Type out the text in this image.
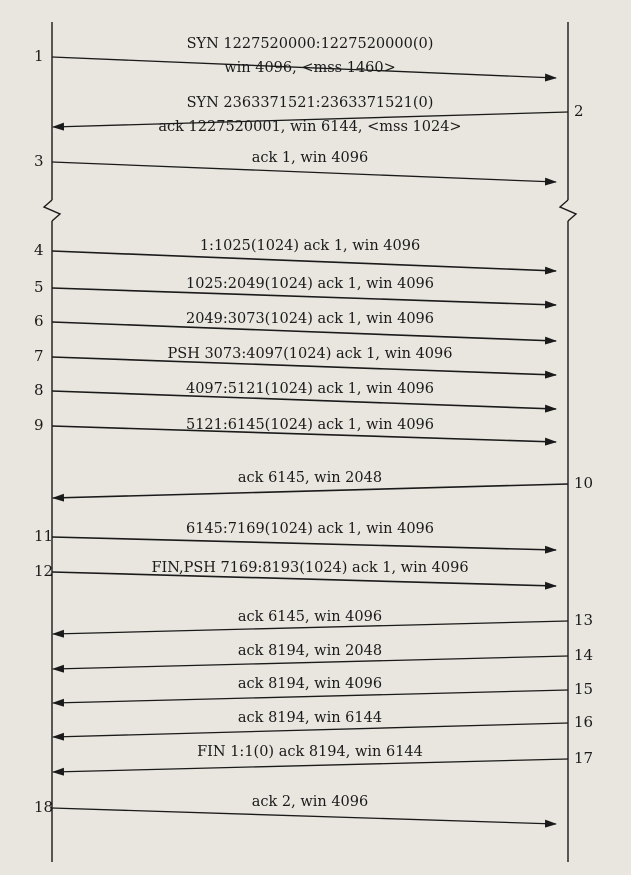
1
SYN 1227520000:1227520000(0)
win 4096, <mss 1460>
2
SYN 2363371521:2363371521(0)
ack 1227520001, win 6144, <mss 1024>
3	ack 1, win 4096
4	1:1025(1024) ack 1, win 4096
5	1025:2049(1024) ack 1, win 4096
6	2049:3073(1024) ack 1, win 4096
7	PSH 3073:4097(1024) ack 1, win 4096
8	4097:5121(1024) ack 1, win 4096
9	5121:6145(1024) ack 1, win 4096
10
ack 6145, win 2048
11	6145:7169(1024) ack 1, win 4096
12	FIN,PSH 7169:8193(1024) ack 1, win 4096
13
ack 6145, win 4096
14
ack 8194, win 2048
15
ack 8194, win 4096
16
ack 8194, win 6144
17
FIN 1:1(0) ack 8194, win 6144
18	ack 2, win 4096
